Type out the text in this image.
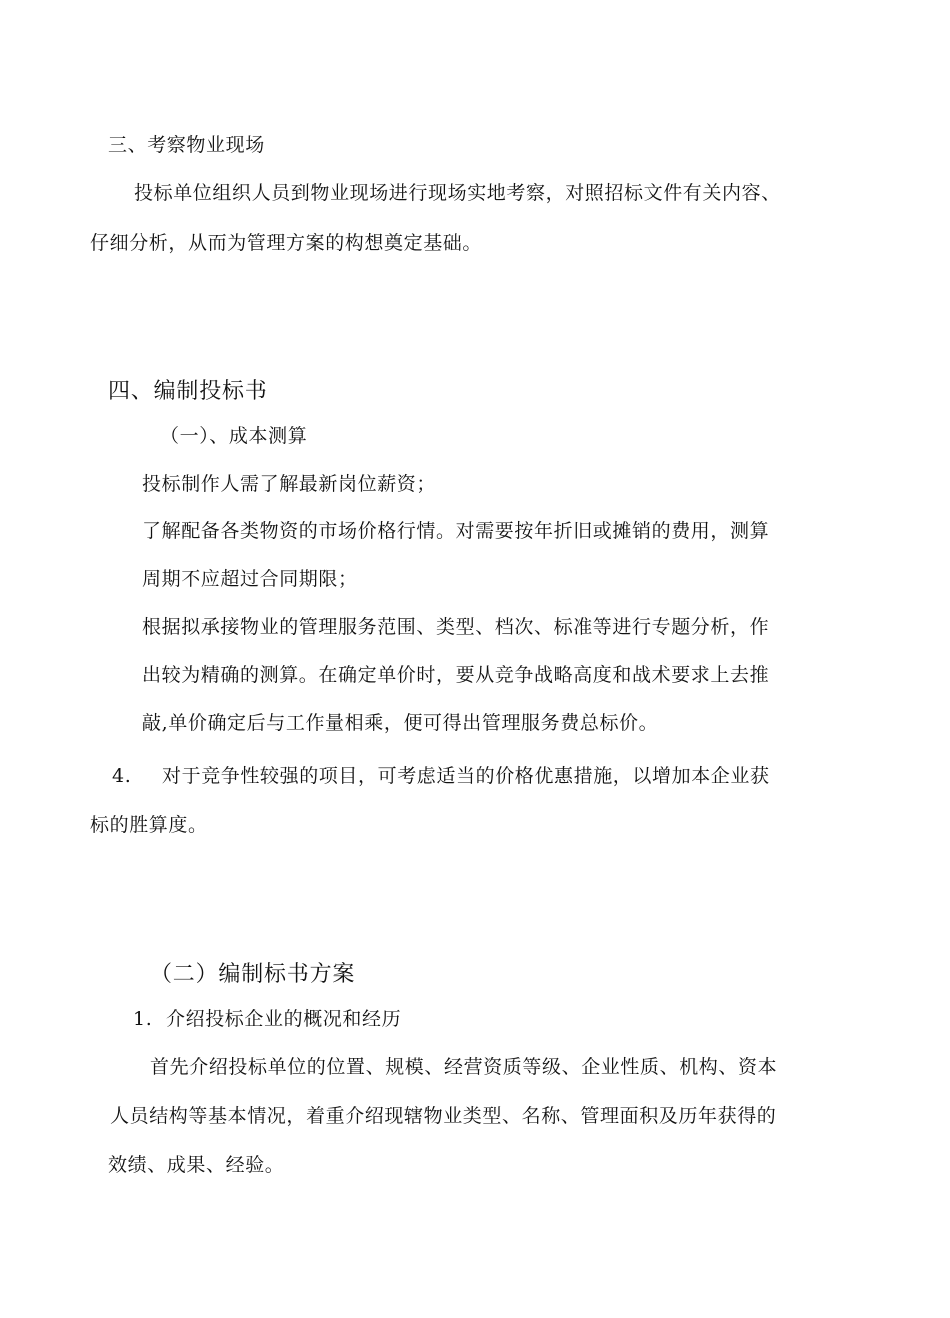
三、考察物业现场
投标单位组织人员到物业现场进行现场实地考察，对照招标文件有关内容、
仔细分析，从而为管理方案的构想奠定基础。
四、编制投标书
（一）、成本测算
投标制作人需了解最新岗位薪资；
了解配备各类物资的市场价格行情。对需要按年折旧或摊销的费用，测算
周期不应超过合同期限；
根据拟承接物业的管理服务范围、类型、档次、标准等进行专题分析，作
出较为精确的测算。在确定单价时，要从竞争战略高度和战术要求上去推
敲,单价确定后与工作量相乘，便可得出管理服务费总标价。
4. 对于竞争性较强的项目，可考虑适当的价格优惠措施，以增加本企业获
标的胜算度。
（二）编制标书方案
1. 介绍投标企业的概况和经历
首先介绍投标单位的位置、规模、经营资质等级、企业性质、机构、资本
人员结构等基本情况，着重介绍现辖物业类型、名称、管理面积及历年获得的
效绩、成果、经验。
